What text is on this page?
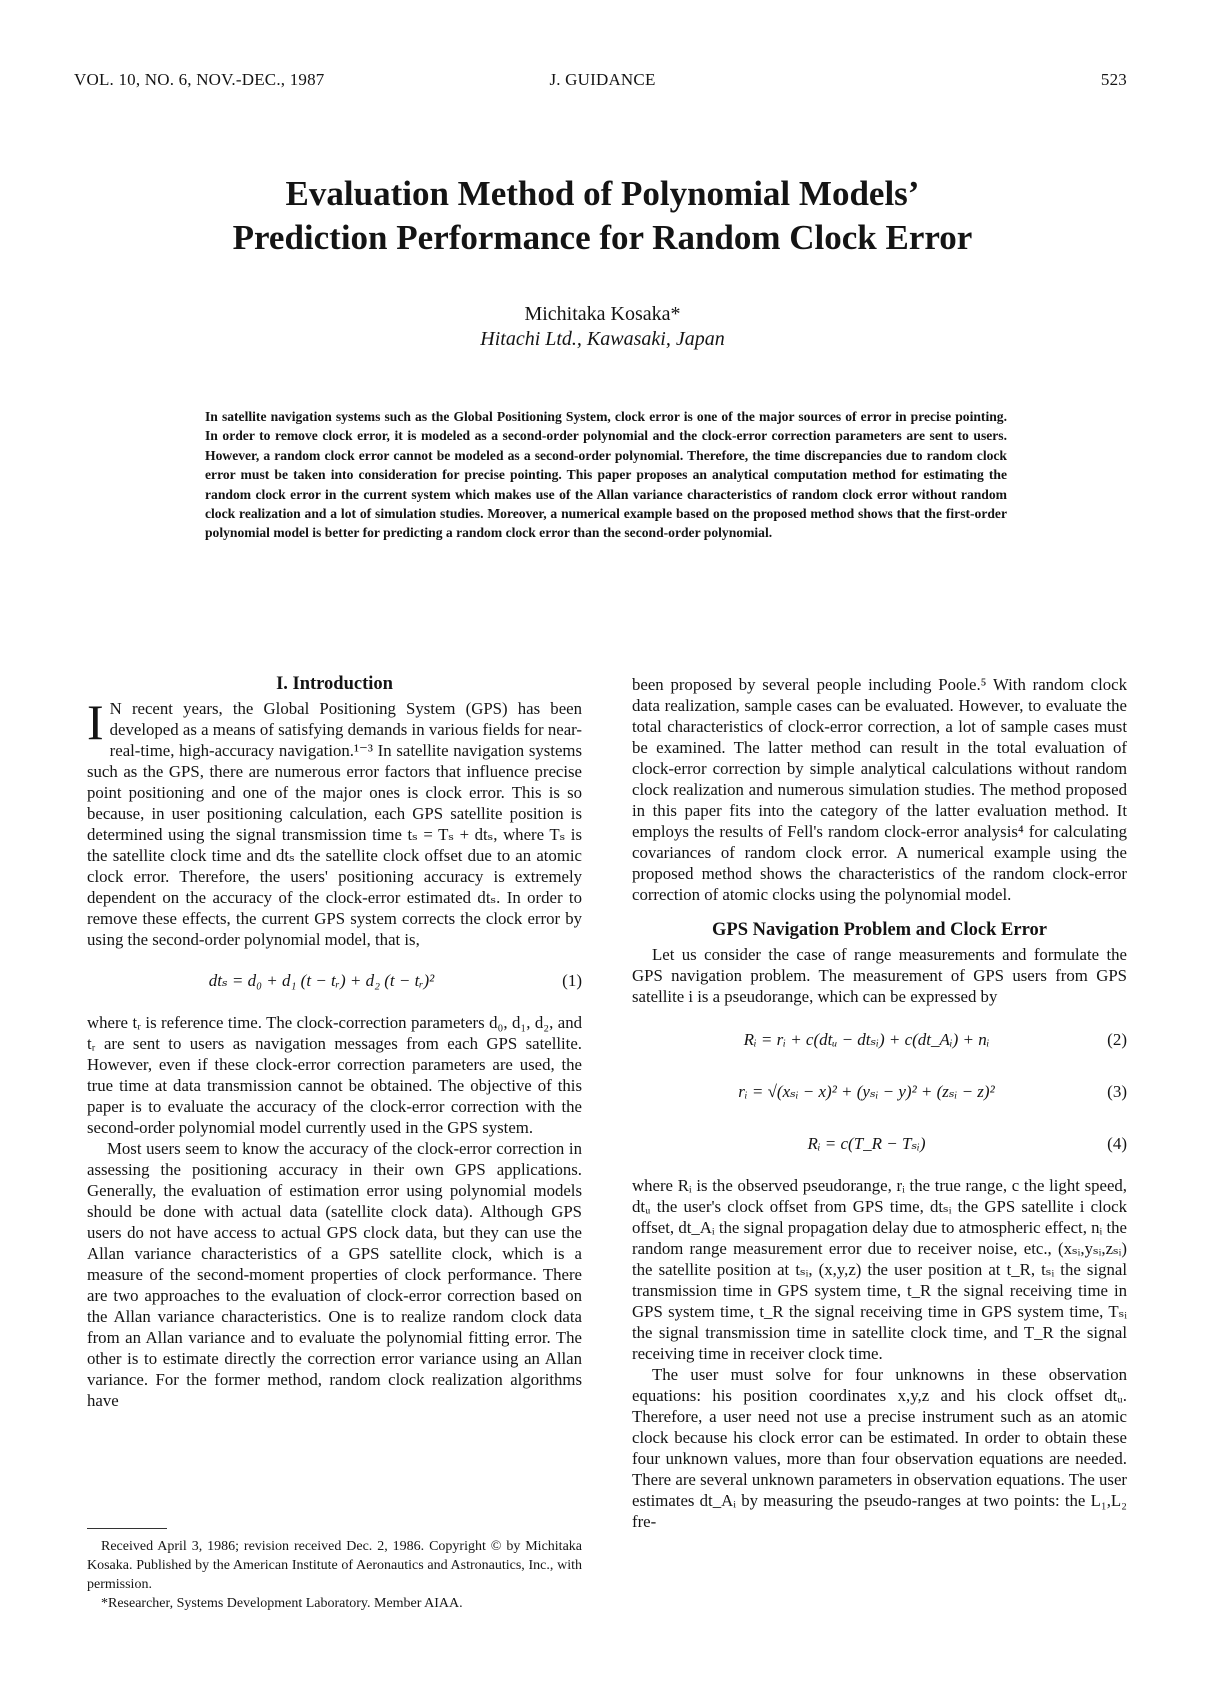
VOL. 10, NO. 6, NOV.-DEC., 1987	J. GUIDANCE	523
Evaluation Method of Polynomial Models’
Prediction Performance for Random Clock Error
Michitaka Kosaka*
Hitachi Ltd., Kawasaki, Japan
In satellite navigation systems such as the Global Positioning System, clock error is one of the major sources of error in precise pointing. In order to remove clock error, it is modeled as a second-order polynomial and the clock-error correction parameters are sent to users. However, a random clock error cannot be modeled as a second-order polynomial. Therefore, the time discrepancies due to random clock error must be taken into consideration for precise pointing. This paper proposes an analytical computation method for estimating the random clock error in the current system which makes use of the Allan variance characteristics of random clock error without random clock realization and a lot of simulation studies. Moreover, a numerical example based on the proposed method shows that the first-order polynomial model is better for predicting a random clock error than the second-order polynomial.
I. Introduction

I N recent years, the Global Positioning System (GPS) has been developed as a means of satisfying demands in various fields for near-real-time, high-accuracy navigation.¹⁻³ In satellite navigation systems such as the GPS, there are numerous error factors that influence precise point positioning and one of the major ones is clock error. This is so because, in user positioning calculation, each GPS satellite position is determined using the signal transmission time tₛ = Tₛ + dtₛ, where Tₛ is the satellite clock time and dtₛ the satellite clock offset due to an atomic clock error. Therefore, the users' positioning accuracy is extremely dependent on the accuracy of the clock-error estimated dtₛ. In order to remove these effects, the current GPS system corrects the clock error by using the second-order polynomial model, that is,

dtₛ = d₀ + d₁ (t − tᵣ) + d₂ (t − tᵣ)²	(1)

where tᵣ is reference time. The clock-correction parameters d₀, d₁, d₂, and tᵣ are sent to users as navigation messages from each GPS satellite. However, even if these clock-error correction parameters are used, the true time at data transmission cannot be obtained. The objective of this paper is to evaluate the accuracy of the clock-error correction with the second-order polynomial model currently used in the GPS system.

Most users seem to know the accuracy of the clock-error correction in assessing the positioning accuracy in their own GPS applications. Generally, the evaluation of estimation error using polynomial models should be done with actual data (satellite clock data). Although GPS users do not have access to actual GPS clock data, but they can use the Allan variance characteristics of a GPS satellite clock, which is a measure of the second-moment properties of clock performance. There are two approaches to the evaluation of clock-error correction based on the Allan variance characteristics. One is to realize random clock data from an Allan variance and to evaluate the polynomial fitting error. The other is to estimate directly the correction error variance using an Allan variance. For the former method, random clock realization algorithms have

been proposed by several people including Poole.⁵ With random clock data realization, sample cases can be evaluated. However, to evaluate the total characteristics of clock-error correction, a lot of sample cases must be examined. The latter method can result in the total evaluation of clock-error correction by simple analytical calculations without random clock realization and numerous simulation studies. The method proposed in this paper fits into the category of the latter evaluation method. It employs the results of Fell's random clock-error analysis⁴ for calculating covariances of random clock error. A numerical example using the proposed method shows the characteristics of the random clock-error correction of atomic clocks using the polynomial model.

GPS Navigation Problem and Clock Error

Let us consider the case of range measurements and formulate the GPS navigation problem. The measurement of GPS users from GPS satellite i is a pseudorange, which can be expressed by

Rᵢ = rᵢ + c(dtᵤ − dtₛᵢ) + c(dt_Aᵢ) + nᵢ	(2)
rᵢ = √(xₛᵢ − x)² + (yₛᵢ − y)² + (zₛᵢ − z)²	(3)
Rᵢ = c(T_R − Tₛᵢ)	(4)

where Rᵢ is the observed pseudorange, rᵢ the true range, c the light speed, dtᵤ the user's clock offset from GPS time, dtₛᵢ the GPS satellite i clock offset, dt_Aᵢ the signal propagation delay due to atmospheric effect, nᵢ the random range measurement error due to receiver noise, etc., (xₛᵢ,yₛᵢ,zₛᵢ) the satellite position at tₛᵢ, (x,y,z) the user position at t_R, tₛᵢ the signal transmission time in GPS system time, t_R the signal receiving time in GPS system time, t_R the signal receiving time in GPS system time, Tₛᵢ the signal transmission time in satellite clock time, and T_R the signal receiving time in receiver clock time.

The user must solve for four unknowns in these observation equations: his position coordinates x,y,z and his clock offset dtᵤ. Therefore, a user need not use a precise instrument such as an atomic clock because his clock error can be estimated. In order to obtain these four unknown values, more than four observation equations are needed. There are several unknown parameters in observation equations. The user estimates dt_Aᵢ by measuring the pseudo-ranges at two points: the L₁,L₂ fre-

Received April 3, 1986; revision received Dec. 2, 1986. Copyright © by Michitaka Kosaka. Published by the American Institute of Aeronautics and Astronautics, Inc., with permission.

*Researcher, Systems Development Laboratory. Member AIAA.
